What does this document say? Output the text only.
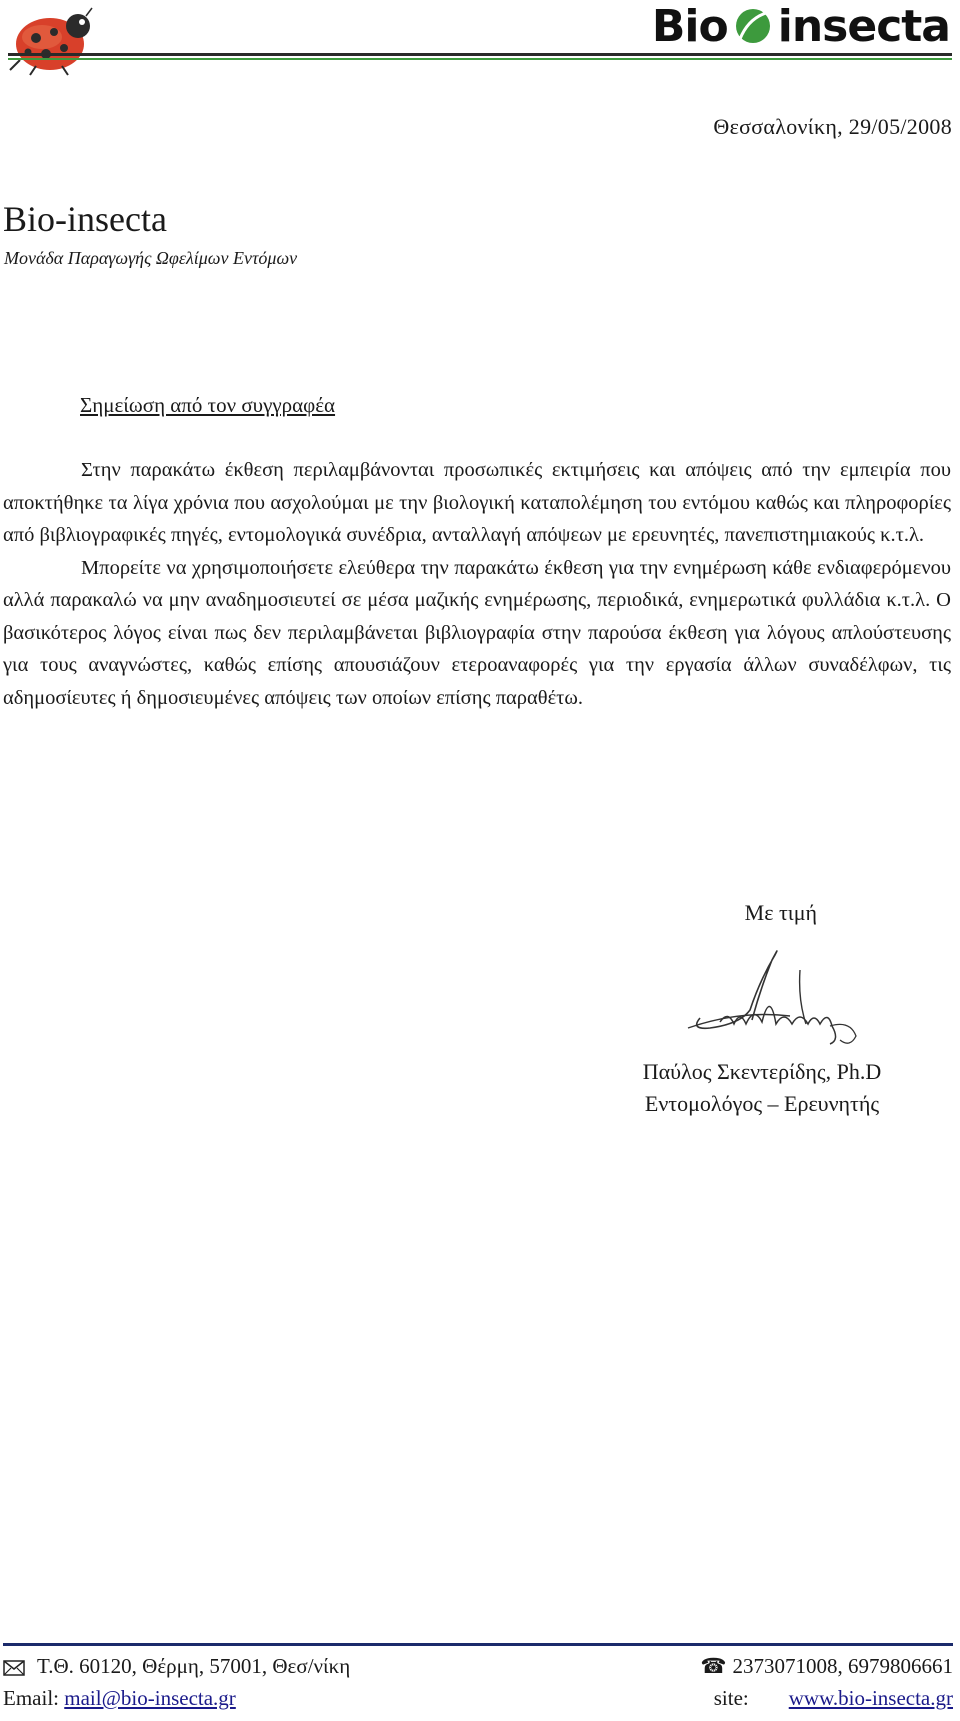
Bio insecta
Θεσσαλονίκη, 29/05/2008
Bio-insecta
Μονάδα Παραγωγής Ωφελίμων Εντόμων
Σημείωση από τον συγγραφέα

Στην παρακάτω έκθεση περιλαμβάνονται προσωπικές εκτιμήσεις και απόψεις από την εμπειρία που αποκτήθηκε τα λίγα χρόνια που ασχολούμαι με την βιολογική καταπολέμηση του εντόμου καθώς και πληροφορίες από βιβλιογραφικές πηγές, εντομολογικά συνέδρια, ανταλλαγή απόψεων με ερευνητές, πανεπιστημιακούς κ.τ.λ.

Μπορείτε να χρησιμοποιήσετε ελεύθερα την παρακάτω έκθεση για την ενημέρωση κάθε ενδιαφερόμενου αλλά παρακαλώ να μην αναδημοσιευτεί σε μέσα μαζικής ενημέρωσης, περιοδικά, ενημερωτικά φυλλάδια κ.τ.λ. Ο βασικότερος λόγος είναι πως δεν περιλαμβάνεται βιβλιογραφία στην παρούσα έκθεση για λόγους απλούστευσης για τους αναγνώστες, καθώς επίσης απουσιάζουν ετεροαναφορές για την εργασία άλλων συναδέλφων, τις αδημοσίευτες ή δημοσιευμένες απόψεις των οποίων επίσης παραθέτω.

Με τιμή
Παύλος Σκεντερίδης, Ph.D
Εντομολόγος – Ερευνητής
Τ.Θ. 60120, Θέρμη, 57001, Θεσ/νίκη	☎ 2373071008, 6979806661
Email: mail@bio-insecta.gr	site: www.bio-insecta.gr
